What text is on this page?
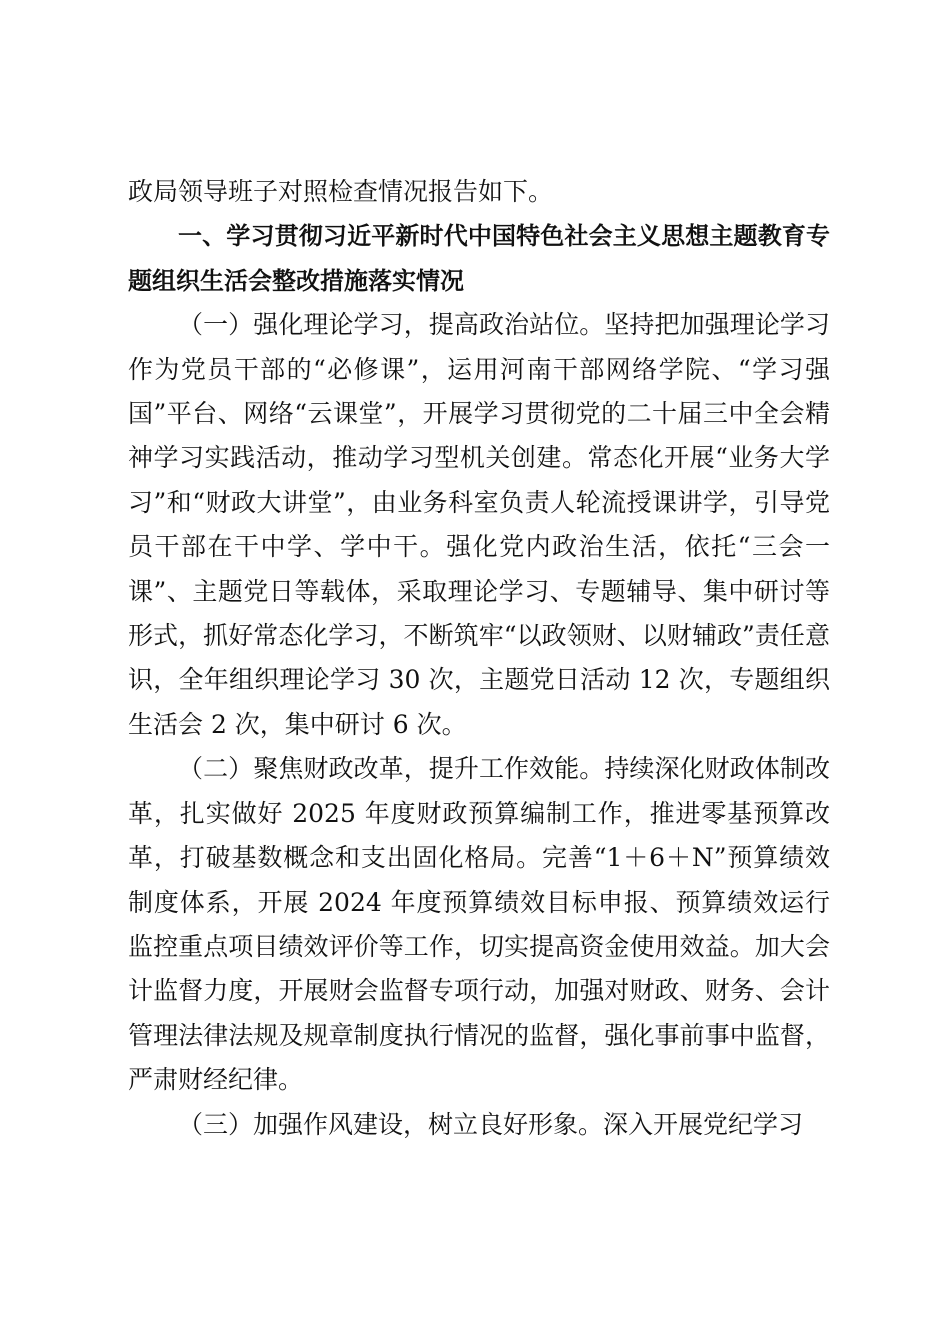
政局领导班子对照检查情况报告如下。

一、学习贯彻习近平新时代中国特色社会主义思想主题教育专题组织生活会整改措施落实情况

（一）强化理论学习，提高政治站位。坚持把加强理论学习作为党员干部的“必修课”，运用河南干部网络学院、“学习强国”平台、网络“云课堂”，开展学习贯彻党的二十届三中全会精神学习实践活动，推动学习型机关创建。常态化开展“业务大学习”和“财政大讲堂”，由业务科室负责人轮流授课讲学，引导党员干部在干中学、学中干。强化党内政治生活，依托“三会一课”、主题党日等载体，采取理论学习、专题辅导、集中研讨等形式，抓好常态化学习，不断筑牢“以政领财、以财辅政”责任意识，全年组织理论学习 30 次，主题党日活动 12 次，专题组织生活会 2 次，集中研讨 6 次。

（二）聚焦财政改革，提升工作效能。持续深化财政体制改革，扎实做好 2025 年度财政预算编制工作，推进零基预算改革，打破基数概念和支出固化格局。完善“1＋6＋N”预算绩效制度体系，开展 2024 年度预算绩效目标申报、预算绩效运行监控重点项目绩效评价等工作，切实提高资金使用效益。加大会计监督力度，开展财会监督专项行动，加强对财政、财务、会计管理法律法规及规章制度执行情况的监督，强化事前事中监督，严肃财经纪律。

（三）加强作风建设，树立良好形象。深入开展党纪学习
